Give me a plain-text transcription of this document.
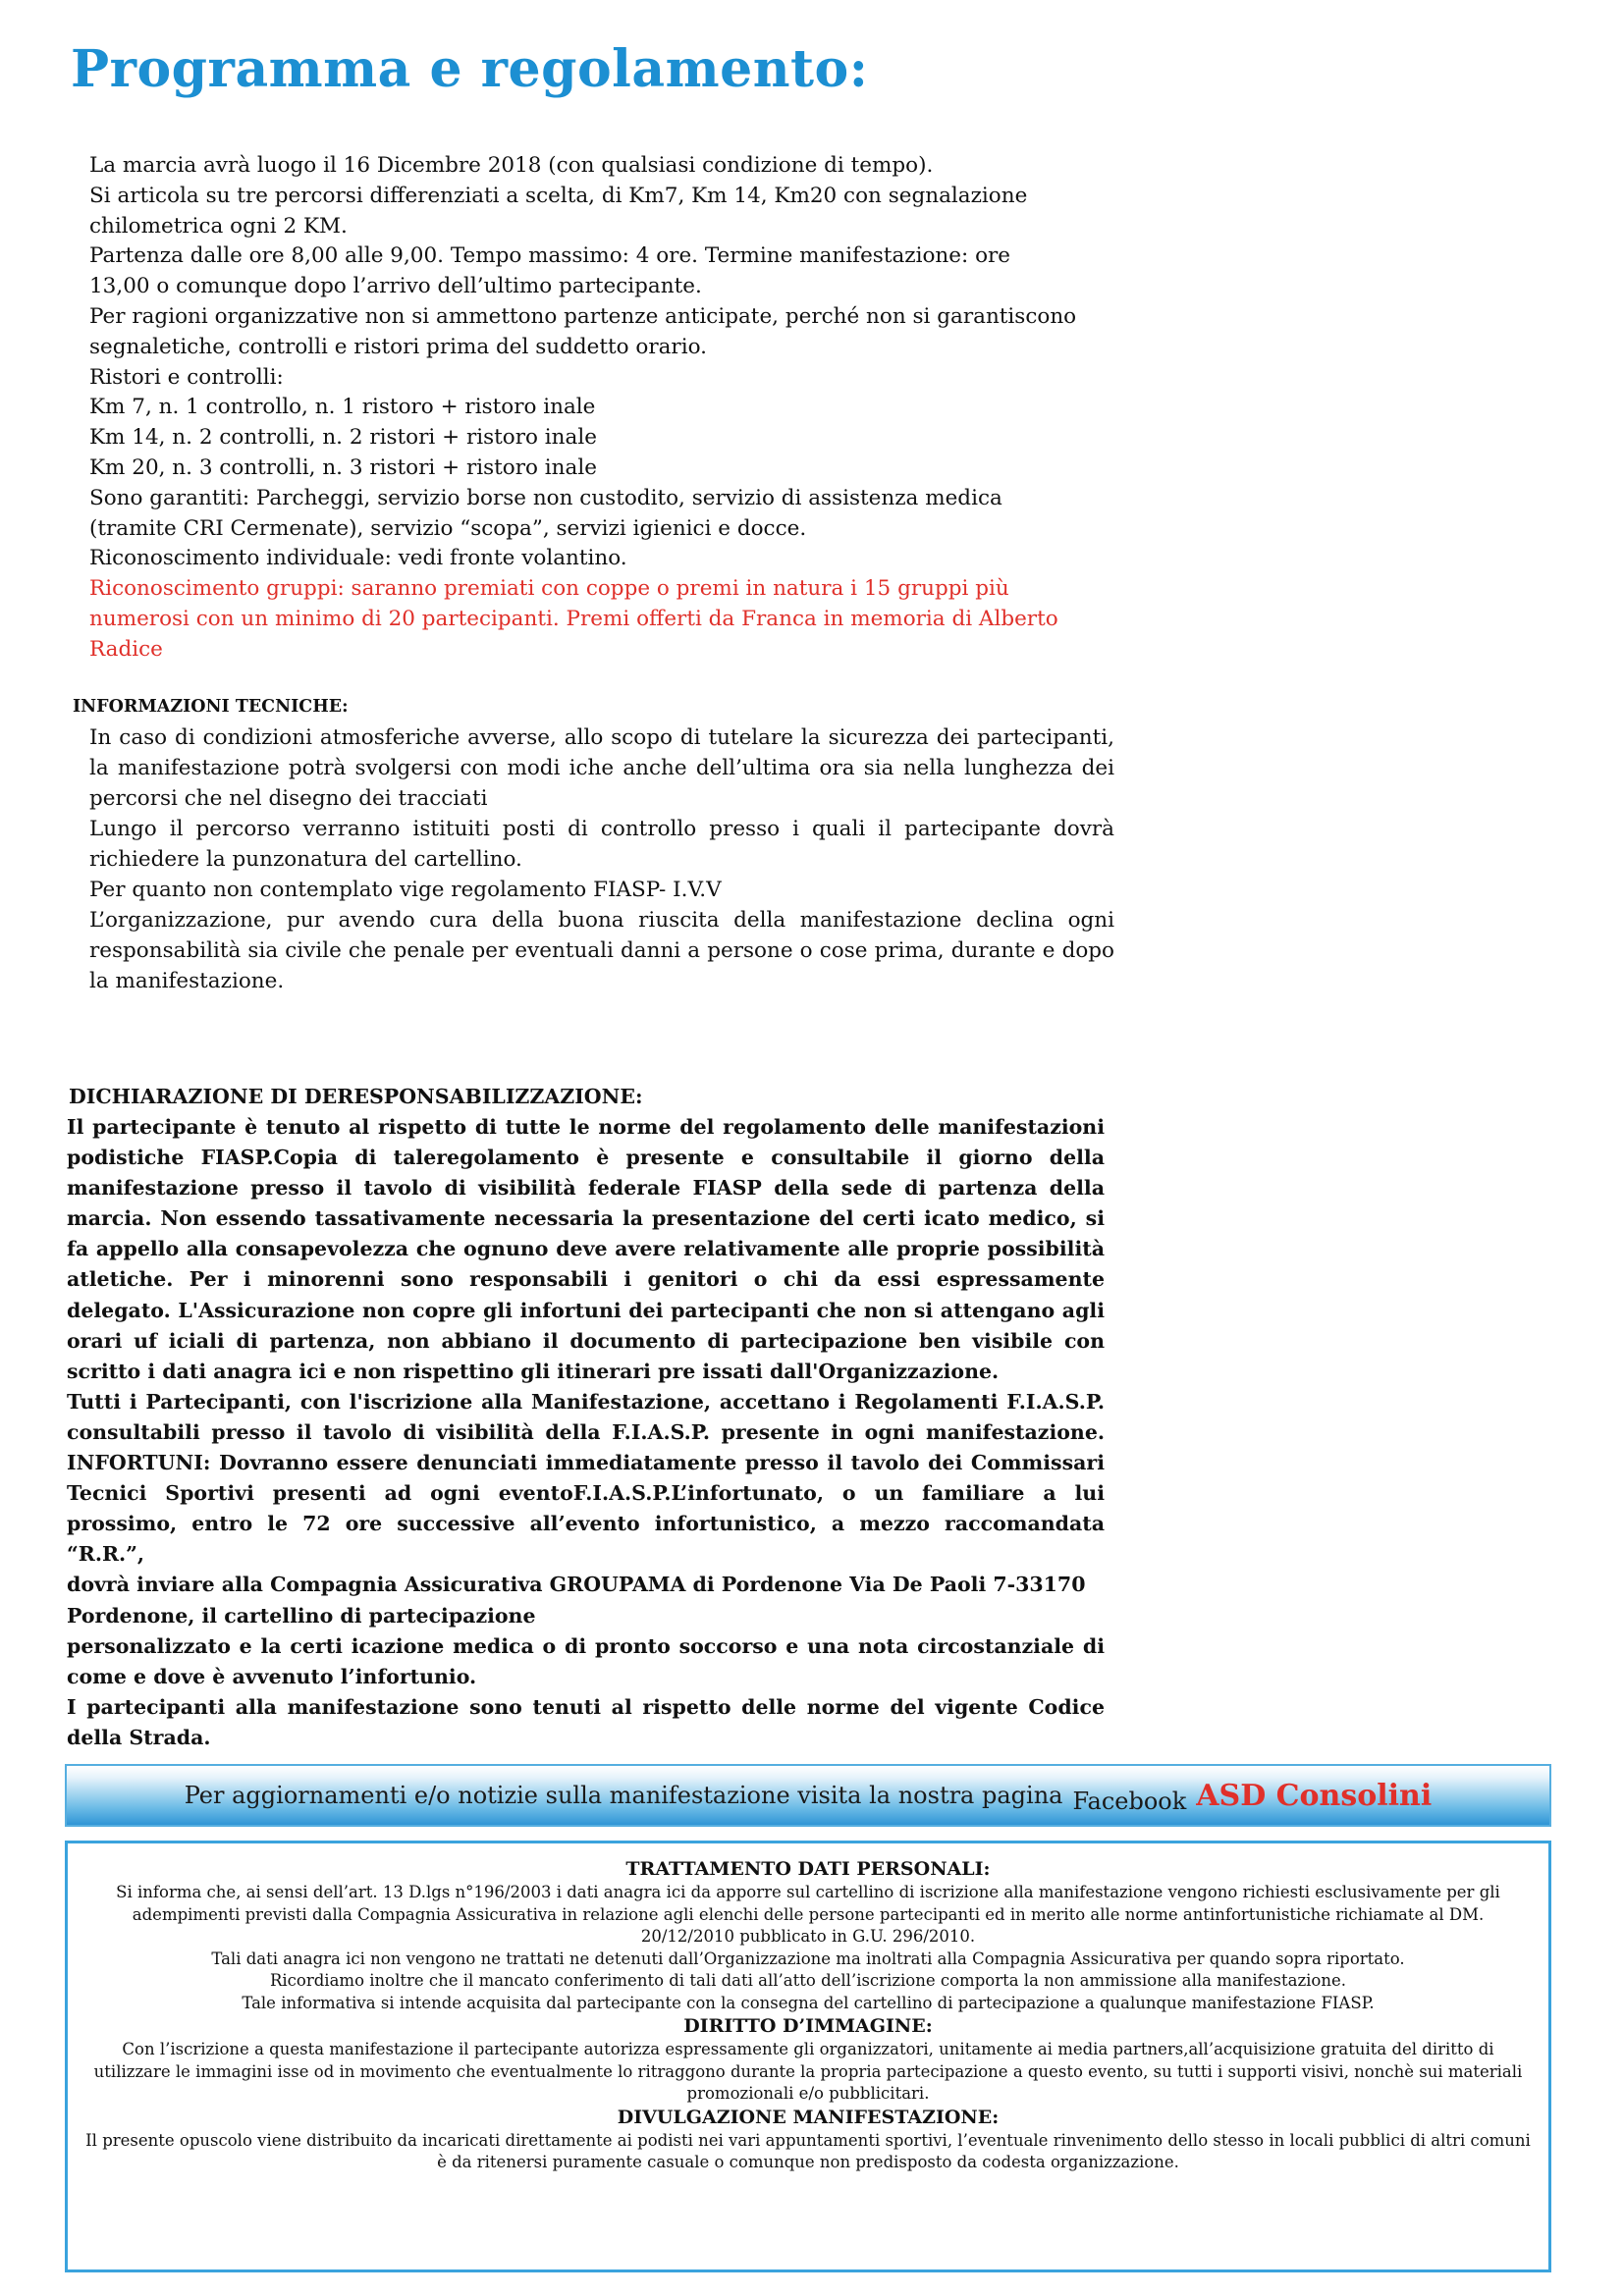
Programma e regolamento:
La marcia avrà luogo il 16 Dicembre 2018 (con qualsiasi condizione di tempo).
Si articola su tre percorsi differenziati a scelta, di Km7, Km 14, Km20 con segnalazione
chilometrica ogni 2 KM.
Partenza dalle ore 8,00 alle 9,00. Tempo massimo: 4 ore. Termine manifestazione: ore
13,00 o comunque dopo l’arrivo dell’ultimo partecipante.
Per ragioni organizzative non si ammettono partenze anticipate, perché non si garantiscono
segnaletiche, controlli e ristori prima del suddetto orario.
Ristori e controlli:
Km 7, n. 1 controllo, n. 1 ristoro + ristoro inale
Km 14, n. 2 controlli, n. 2 ristori + ristoro inale
Km 20, n. 3 controlli, n. 3 ristori + ristoro inale
Sono garantiti: Parcheggi, servizio borse non custodito, servizio di assistenza medica
(tramite CRI Cermenate), servizio “scopa”, servizi igienici e docce.
Riconoscimento individuale: vedi fronte volantino.
Riconoscimento gruppi: saranno premiati con coppe o premi in natura i 15 gruppi più
numerosi con un minimo di 20 partecipanti. Premi offerti da Franca in memoria di Alberto
Radice
INFORMAZIONI TECNICHE:

In caso di condizioni atmosferiche avverse, allo scopo di tutelare la sicurezza dei partecipanti, la manifestazione potrà svolgersi con modi iche anche dell’ultima ora sia nella lunghezza dei percorsi che nel disegno dei tracciati

Lungo il percorso verranno istituiti posti di controllo presso i quali il partecipante dovrà richiedere la punzonatura del cartellino.

Per quanto non contemplato vige regolamento FIASP- I.V.V

L’organizzazione, pur avendo cura della buona riuscita della manifestazione declina ogni responsabilità sia civile che penale per eventuali danni a persone o cose prima, durante e dopo la manifestazione.

DICHIARAZIONE DI DERESPONSABILIZZAZIONE:

Il partecipante è tenuto al rispetto di tutte le norme del regolamento delle manifestazioni podistiche FIASP.Copia di taleregolamento è presente e consultabile il giorno della manifestazione presso il tavolo di visibilità federale FIASP della sede di partenza della marcia. Non essendo tassativamente necessaria la presentazione del certi icato medico, si fa appello alla consapevolezza che ognuno deve avere relativamente alle proprie possibilità atletiche. Per i minorenni sono responsabili i genitori o chi da essi espressamente delegato. L'Assicurazione non copre gli infortuni dei partecipanti che non si attengano agli orari uf iciali di partenza, non abbiano il documento di partecipazione ben visibile con scritto i dati anagra ici e non rispettino gli itinerari pre issati dall'Organizzazione.

Tutti i Partecipanti, con l'iscrizione alla Manifestazione, accettano i Regolamenti F.I.A.S.P. consultabili presso il tavolo di visibilità della F.I.A.S.P. presente in ogni manifestazione. INFORTUNI: Dovranno essere denunciati immediatamente presso il tavolo dei Commissari Tecnici Sportivi presenti ad ogni eventoF.I.A.S.P.L’infortunato, o un familiare a lui prossimo, entro le 72 ore successive all’evento infortunistico, a mezzo raccomandata “R.R.”,

dovrà inviare alla Compagnia Assicurativa GROUPAMA di Pordenone Via De Paoli 7-33170

Pordenone, il cartellino di partecipazione

personalizzato e la certi icazione medica o di pronto soccorso e una nota circostanziale di come e dove è avvenuto l’infortunio.

I partecipanti alla manifestazione sono tenuti al rispetto delle norme del vigente Codice della Strada.

Per aggiornamenti e/o notizie sulla manifestazione visita la nostra pagina Facebook ASD Consolini
TRATTAMENTO DATI PERSONALI:

Si informa che, ai sensi dell’art. 13 D.lgs n°196/2003 i dati anagra ici da apporre sul cartellino di iscrizione alla manifestazione vengono richiesti esclusivamente per gli adempimenti previsti dalla Compagnia Assicurativa in relazione agli elenchi delle persone partecipanti ed in merito alle norme antinfortunistiche richiamate al DM. 20/12/2010 pubblicato in G.U. 296/2010.

Tali dati anagra ici non vengono ne trattati ne detenuti dall’Organizzazione ma inoltrati alla Compagnia Assicurativa per quando sopra riportato.

Ricordiamo inoltre che il mancato conferimento di tali dati all’atto dell’iscrizione comporta la non ammissione alla manifestazione.

Tale informativa si intende acquisita dal partecipante con la consegna del cartellino di partecipazione a qualunque manifestazione FIASP.

DIRITTO D’IMMAGINE:

Con l’iscrizione a questa manifestazione il partecipante autorizza espressamente gli organizzatori, unitamente ai media partners,all’acquisizione gratuita del diritto di utilizzare le immagini isse od in movimento che eventualmente lo ritraggono durante la propria partecipazione a questo evento, su tutti i supporti visivi, nonchè sui materiali promozionali e/o pubblicitari.

DIVULGAZIONE MANIFESTAZIONE:

Il presente opuscolo viene distribuito da incaricati direttamente ai podisti nei vari appuntamenti sportivi, l’eventuale rinvenimento dello stesso in locali pubblici di altri comuni è da ritenersi puramente casuale o comunque non predisposto da codesta organizzazione.
